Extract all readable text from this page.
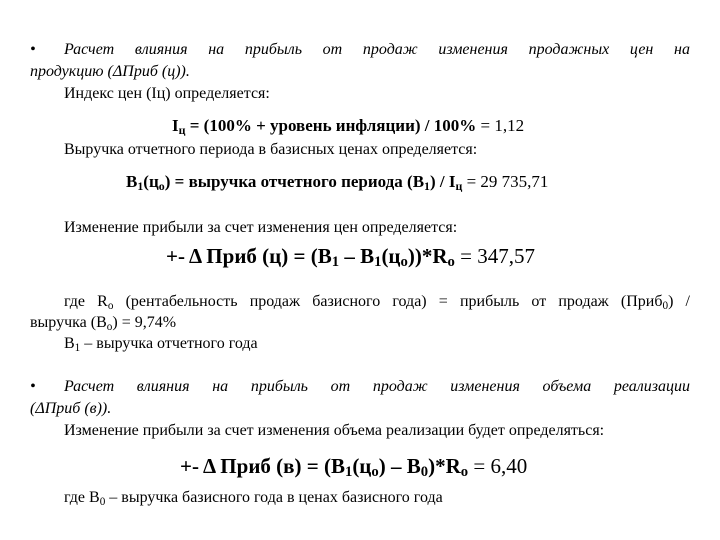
• Расчет влияния на прибыль от продаж изменения продажных цен на
продукцию (ΔПриб (ц)).
Индекс цен (Iц) определяется:
$I_ц = (100\%$ + уровень инфляции) / 100% = 1,12
Выручка отчетного периода в базисных ценах определяется:
$В_1(ц_о)$ = выручка отчетного периода $(В_1) / I_ц = 29$ 735,71
Изменение прибыли за счет изменения цен определяется:
+- Δ Приб $(ц) = (В_1 - В_1(ц_о))*R_о = 347,57$
где $R_о$ (рентабельность продаж базисного года) = прибыль от продаж (Приб$_0$) /
выручка $(В_о) = 9,74\%$
$В_1$ – выручка отчетного года
• Расчет влияния на прибыль от продаж изменения объема реализации
(ΔПриб (в)).
Изменение прибыли за счет изменения объема реализации будет определяться:
+- Δ Приб $(в) = (В_1(ц_о) - В_0)*R_о = 6,40$
где $В_0$ – выручка базисного года в ценах базисного года
